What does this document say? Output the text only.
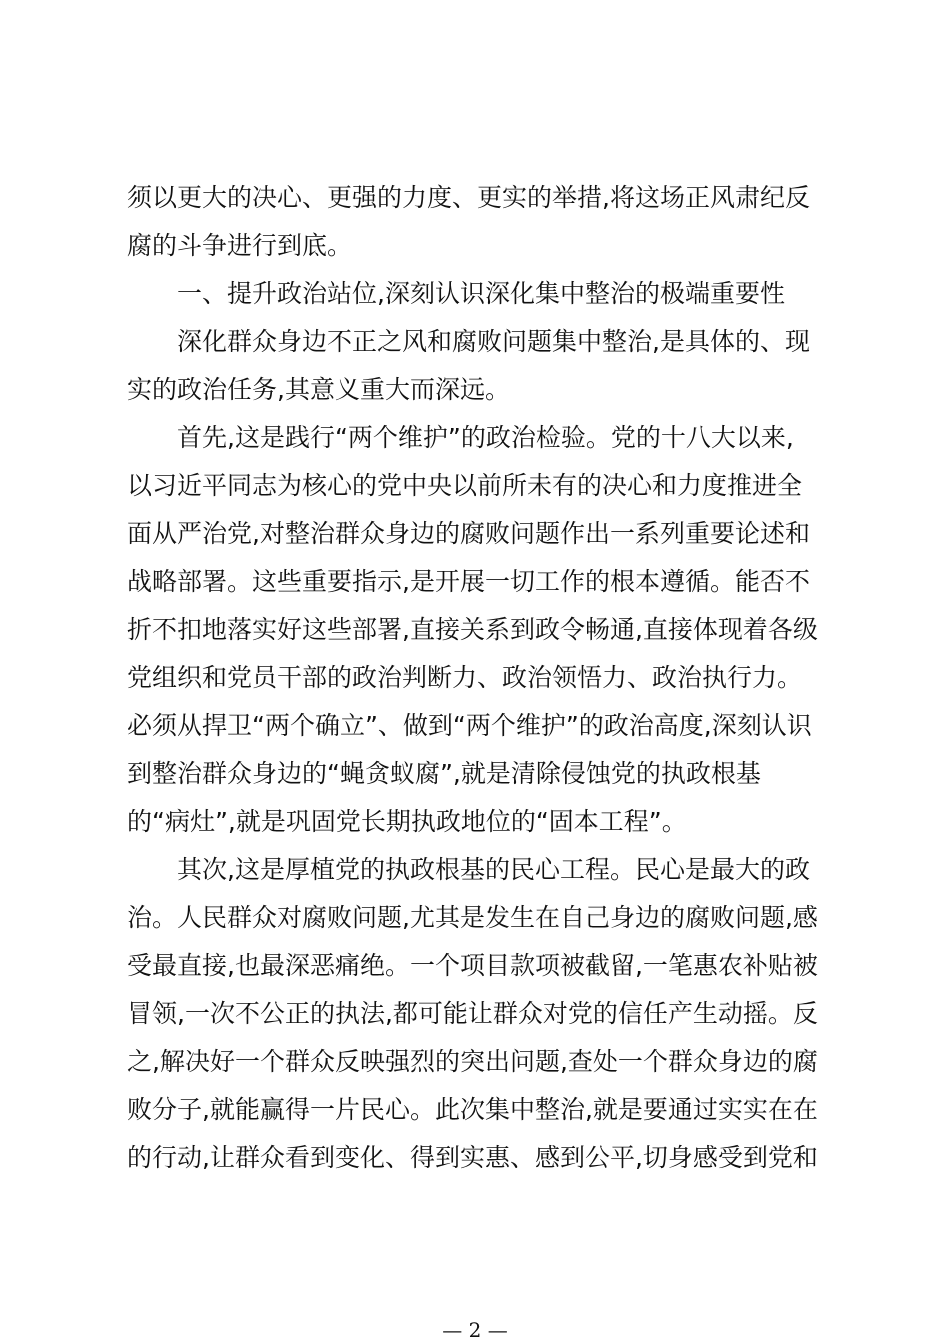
须以更大的决心、更强的力度、更实的举措,将这场正风肃纪反
腐的斗争进行到底。
一、提升政治站位,深刻认识深化集中整治的极端重要性
深化群众身边不正之风和腐败问题集中整治,是具体的、现
实的政治任务,其意义重大而深远。
首先,这是践行“两个维护”的政治检验。党的十八大以来,
以习近平同志为核心的党中央以前所未有的决心和力度推进全
面从严治党,对整治群众身边的腐败问题作出一系列重要论述和
战略部署。这些重要指示,是开展一切工作的根本遵循。能否不
折不扣地落实好这些部署,直接关系到政令畅通,直接体现着各级
党组织和党员干部的政治判断力、政治领悟力、政治执行力。
必须从捍卫“两个确立”、做到“两个维护”的政治高度,深刻认识
到整治群众身边的“蝇贪蚁腐”,就是清除侵蚀党的执政根基
的“病灶”,就是巩固党长期执政地位的“固本工程”。
其次,这是厚植党的执政根基的民心工程。民心是最大的政
治。人民群众对腐败问题,尤其是发生在自己身边的腐败问题,感
受最直接,也最深恶痛绝。一个项目款项被截留,一笔惠农补贴被
冒领,一次不公正的执法,都可能让群众对党的信任产生动摇。反
之,解决好一个群众反映强烈的突出问题,查处一个群众身边的腐
败分子,就能赢得一片民心。此次集中整治,就是要通过实实在在
的行动,让群众看到变化、得到实惠、感到公平,切身感受到党和
— 2 —
